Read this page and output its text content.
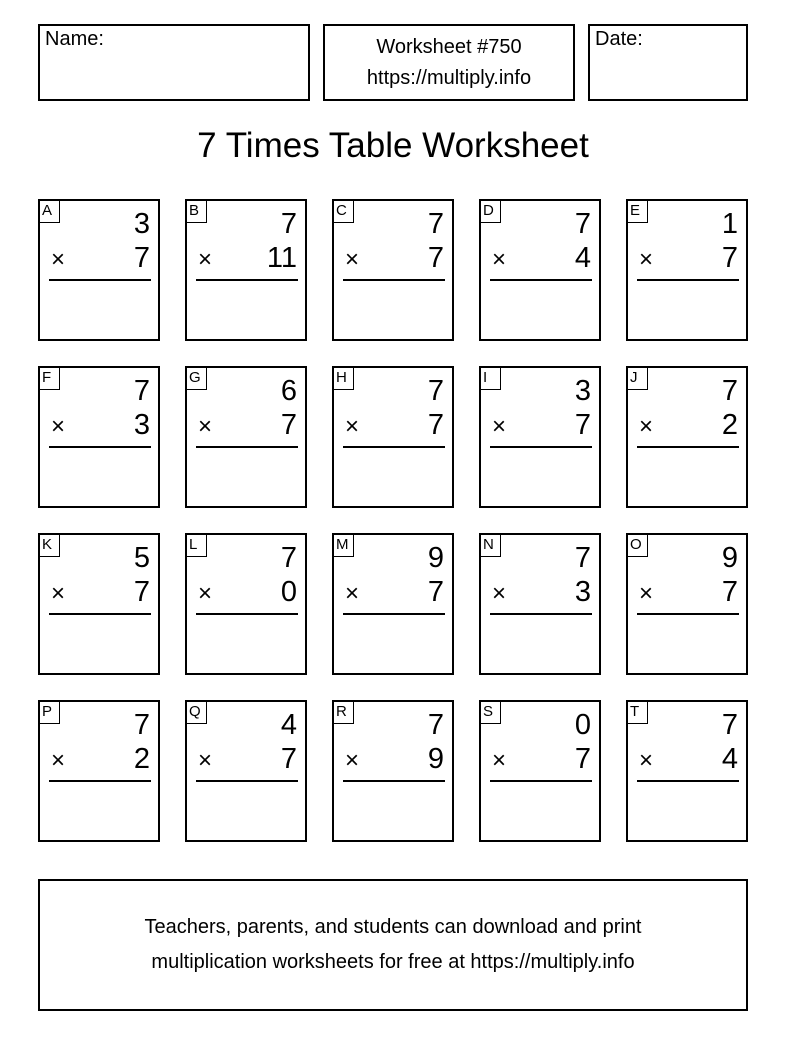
Name:	Worksheet #750
https://multiply.info
Date:
7 Times Table Worksheet
A	3
× 7
B	7
× 11
C	7
× 7
D	7
× 4
E	1
× 7
F	7
× 3
G	6
× 7
H	7
× 7
I	3
× 7
J	7
× 2
K	5
× 7
L	7
× 0
M	9
× 7
N	7
× 3
O	9
× 7
P	7
× 2
Q	4
× 7
R	7
× 9
S	0
× 7
T	7
× 4
Teachers, parents, and students can download and print
multiplication worksheets for free at https://multiply.info
